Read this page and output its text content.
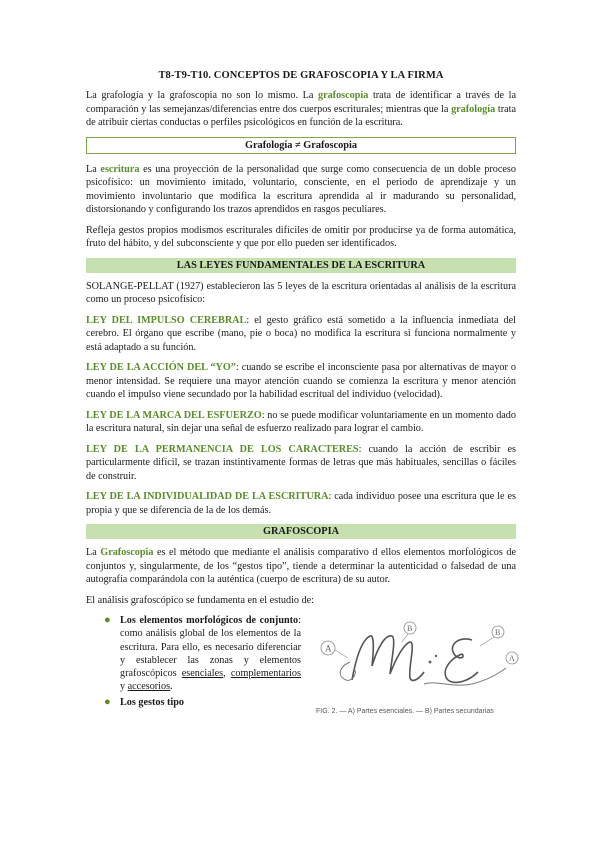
T8-T9-T10. CONCEPTOS DE GRAFOSCOPIA Y LA FIRMA

La grafología y la grafoscopia no son lo mismo. La grafoscopia trata de identificar a través de la comparación y las semejanzas/diferencias entre dos cuerpos escriturales; mientras que la grafología trata de atribuir ciertas conductas o perfiles psicológicos en función de la escritura.

Grafología ≠ Grafoscopia

La escritura es una proyección de la personalidad que surge como consecuencia de un doble proceso psicofísico: un movimiento imitado, voluntario, consciente, en el periodo de aprendizaje y un movimiento involuntario que modifica la escritura aprendida al ir madurando su personalidad, distorsionando y configurando los trazos aprendidos en rasgos peculiares.

Refleja gestos propios modismos escriturales difíciles de omitir por producirse ya de forma automática, fruto del hábito, y del subconsciente y que por ello pueden ser identificados.

LAS LEYES FUNDAMENTALES DE LA ESCRITURA

SOLANGE-PELLAT (1927) establecieron las 5 leyes de la escritura orientadas al análisis de la escritura como un proceso psicofísico:

LEY DEL IMPULSO CEREBRAL: el gesto gráfico está sometido a la influencia inmediata del cerebro. El órgano que escribe (mano, pie o boca) no modifica la escritura si funciona normalmente y está adaptado a su función.

LEY DE LA ACCIÓN DEL “YO”: cuando se escribe el inconsciente pasa por alternativas de mayor o menor intensidad. Se requiere una mayor atención cuando se comienza la escritura y menor atención cuando el impulso viene secundado por la habilidad escritual del individuo (velocidad).

LEY DE LA MARCA DEL ESFUERZO: no se puede modificar voluntariamente en un momento dado la escritura natural, sin dejar una señal de esfuerzo realizado para lograr el cambio.

LEY DE LA PERMANENCIA DE LOS CARACTERES: cuando la acción de escribir es particularmente difícil, se trazan instintivamente formas de letras que más habituales, sencillas o fáciles de construir.

LEY DE LA INDIVIDUALIDAD DE LA ESCRITURA: cada individuo posee una escritura que le es propia y que se diferencia de la de los demás.

GRAFOSCOPIA

La Grafoscopia es el método que mediante el análisis comparativo d ellos elementos morfológicos de conjuntos y, singularmente, de los “gestos tipo”, tiende a determinar la autenticidad o falsedad de una autografía comparándola con la auténtica (cuerpo de escritura) de su autor.

El análisis grafoscópico se fundamenta en el estudio de:

● Los elementos morfológicos de conjunto: como análisis global de los elementos de la escritura. Para ello, es necesario diferenciar y establecer las zonas y elementos grafoscópicos esenciales, complementarios y accesorios.
● Los gestos tipo
A
B
A
B
FIG. 2. — A) Partes esenciales. — B) Partes secundarias
